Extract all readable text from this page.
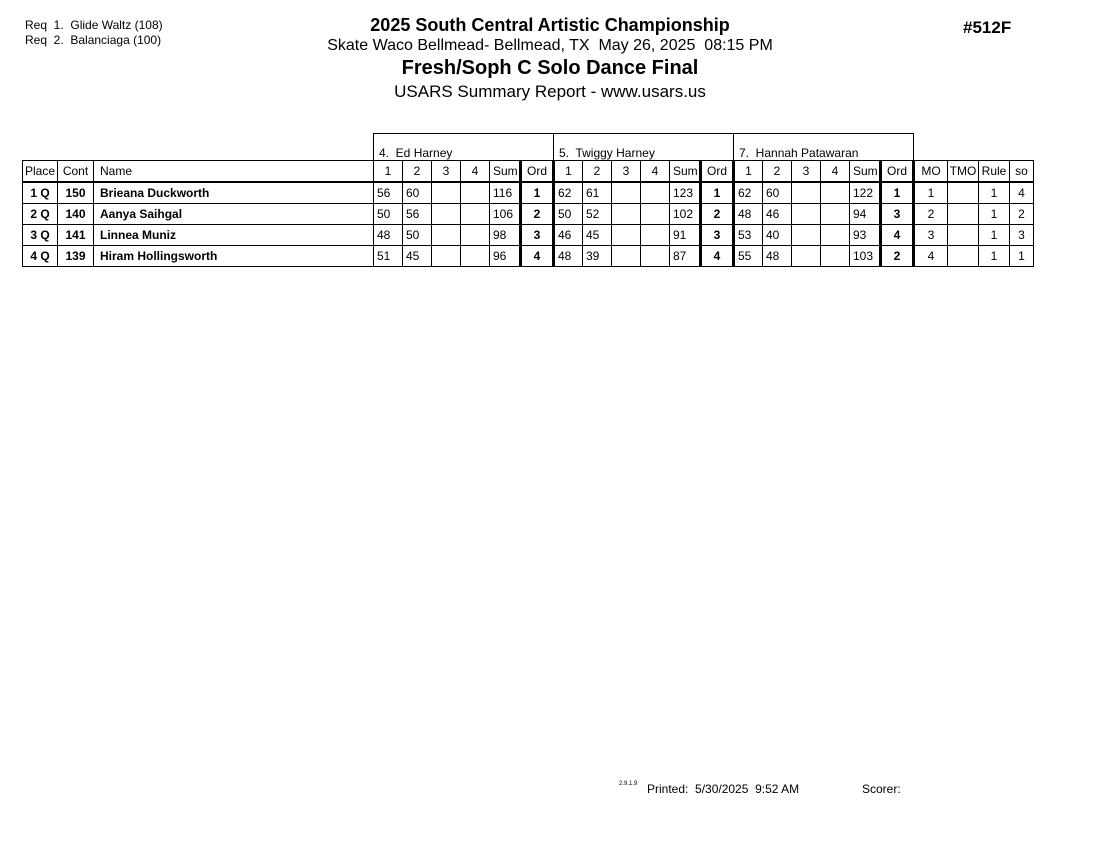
Req  1.  Glide Waltz (108)
Req  2.  Balanciaga (100)
2025 South Central Artistic Championship
Skate Waco Bellmead- Bellmead, TX  May 26, 2025  08:15 PM
Fresh/Soph C Solo Dance Final
USARS Summary Report - www.usars.us
#512F
			4.  Ed Harney						5.  Twiggy Harney						7.  Hannah Patawaran									
Place	Cont	Name	1	2	3	4	Sum	Ord	1	2	3	4	Sum	Ord	1	2	3	4	Sum	Ord	MO	TMO	Rule	so
1 Q	150	Brieana Duckworth	56	60			116	1	62	61			123	1	62	60			122	1	1		1	4
2 Q	140	Aanya Saihgal	50	56			106	2	50	52			102	2	48	46			94	3	2		1	2
3 Q	141	Linnea Muniz	48	50			98	3	46	45			91	3	53	40			93	4	3		1	3
4 Q	139	Hiram Hollingsworth	51	45			96	4	48	39			87	4	55	48			103	2	4		1	1
2.9.1.9 Printed:  5/30/2025  9:52 AM	Scorer:
